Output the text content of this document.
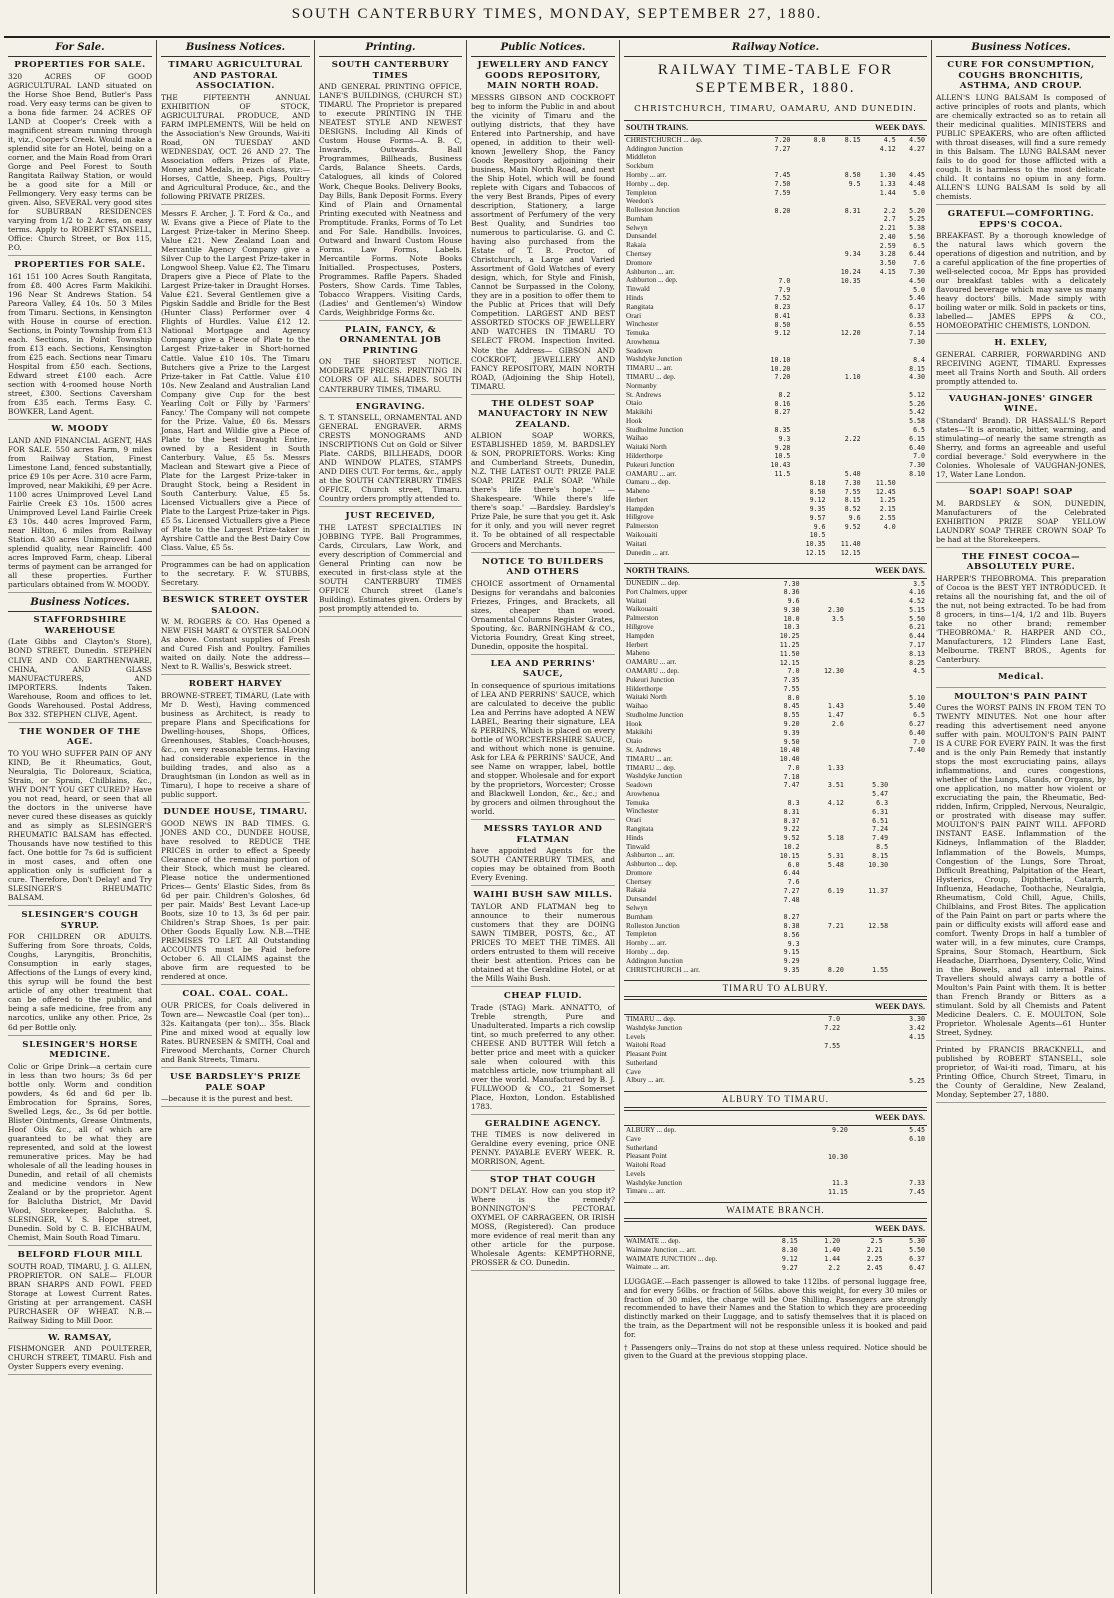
SOUTH CANTERBURY TIMES, MONDAY, SEPTEMBER 27, 1880.
For Sale.
PROPERTIES FOR SALE.
320 ACRES OF GOOD AGRICULTURAL LAND situated on the Horse Shoe Bend, Butler's Pass road. Very easy terms can be given to a bona fide farmer. 24 ACRES OF LAND at Cooper's Creek with a magnificent stream running through it, viz., Cooper's Creek. Would make a splendid site for an Hotel, being on a corner, and the Main Road from Orari Gorge and Peel Forest to South Rangitata Railway Station, or would be a good site for a Mill or Fellmongery. Very easy terms can be given. Also, SEVERAL very good sites for SUBURBAN RESIDENCES varying from 1/2 to 2 Acres, on easy terms. Apply to ROBERT STANSELL, Office: Church Street, or Box 115, P.O.
PROPERTIES FOR SALE.
161 151 100 Acres South Rangitata, from £8. 400 Acres Farm Makikihi. 196 Near St Andrews Station. 54 Pareora Valley, £4 10s. 50 3 Miles from Timaru. Sections, in Kensington with House in course of erection. Sections, in Pointy Township from £13 each. Sections, in Point Township from £13 each. Sections, Kensington from £25 each. Sections near Timaru Hospital from £50 each. Sections, Edward street £100 each. Acre section with 4-roomed house North street, £300. Sections Caversham from £35 each. Terms Easy. C. BOWKER, Land Agent.
W. MOODY
LAND AND FINANCIAL AGENT, HAS FOR SALE. 550 acres Farm, 9 miles from Railway Station, Finest Limestone Land, fenced substantially, price £9 10s per Acre. 310 acre Farm, Improved, near Makikihi, £9 per Acre. 1100 acres Unimproved Level Land Fairlie Creek £3 10s. 1500 acres Unimproved Level Land Fairlie Creek £3 10s. 440 acres Improved Farm, near Hilton, 6 miles from Railway Station. 430 acres Unimproved Land splendid quality, near Rainclifr. 400 acres Improved Farm, cheap. Liberal terms of payment can be arranged for all these properties. Further particulars obtained from W. MOODY.
Business Notices.
STAFFORDSHIRE WAREHOUSE
(Late Gibbs and Clayton's Store), BOND STREET, Dunedin. STEPHEN CLIVE AND CO. EARTHENWARE, CHINA, AND GLASS MANUFACTURERS, AND IMPORTERS. Indents Taken. Warehouse, Room and offices to let. Goods Warehoused. Postal Address, Box 332. STEPHEN CLIVE, Agent.
THE WONDER OF THE AGE.
TO YOU WHO SUFFER PAIN OF ANY KIND, Be it Rheumatics, Gout, Neuralgia, Tic Doloreaux, Sciatica, Strain, or Sprain, Chilblains, &c., WHY DON'T YOU GET CURED? Have you not read, heard, or seen that all the doctors in the universe have never cured these diseases as quickly and as simply as SLESINGER'S RHEUMATIC BALSAM has effected. Thousands have now testified to this fact. One bottle for 7s 6d is sufficient in most cases, and often one application only is sufficient for a cure. Therefore, Don't Delay! and Try SLESINGER'S RHEUMATIC BALSAM.
SLESINGER'S COUGH SYRUP.
FOR CHILDREN OR ADULTS. Suffering from Sore throats, Colds, Coughs, Laryngitis, Bronchitis, Consumption in early stages, Affections of the Lungs of every kind, this syrup will be found the best article of any other treatment that can be offered to the public, and being a safe medicine, free from any narcotics, unlike any other. Price, 2s 6d per Bottle only.
SLESINGER'S HORSE MEDICINE.
Colic or Gripe Drink—a certain cure in less than two hours; 3s 6d per bottle only. Worm and condition powders, 4s 6d and 6d per lb. Embrocation for Sprains, Sores, Swelled Legs, &c., 3s 6d per bottle. Blister Ointments, Grease Ointments, Hoof Oils &c., all of which are guaranteed to be what they are represented, and sold at the lowest remunerative prices. May be had wholesale of all the leading houses in Dunedin, and retail of all chemists and medicine vendors in New Zealand or by the proprietor. Agent for Balclutha District, Mr David Wood, Storekeeper, Balclutha. S. SLESINGER, V. S. Hope street, Dunedin. Sold by C. B. EICHBAUM, Chemist, Main South Road Timaru.
BELFORD FLOUR MILL
SOUTH ROAD, TIMARU, J. G. ALLEN, PROPRIETOR. ON SALE— FLOUR BRAN SHARPS AND FOWL FEED Storage at Lowest Current Rates. Gristing at per arrangement. CASH PURCHASER OF WHEAT. N.B.—Railway Siding to Mill Door.
W. RAMSAY,
FISHMONGER AND POULTERER, CHURCH STREET, TIMARU. Fish and Oyster Suppers every evening.
Business Notices.
TIMARU AGRICULTURAL AND PASTORAL ASSOCIATION.
THE FIFTEENTH ANNUAL EXHIBITION OF STOCK, AGRICULTURAL PRODUCE, AND FARM IMPLEMENTS, Will be held on the Association's New Grounds, Wai-iti Road, ON TUESDAY AND WEDNESDAY, OCT. 26 AND 27. The Association offers Prizes of Plate, Money and Medals, in each class, viz:— Horses, Cattle, Sheep, Pigs, Poultry and Agricultural Produce, &c., and the following PRIVATE PRIZES.
Messrs F. Archer, J. T. Ford & Co., and W. Evans give a Piece of Plate to the Largest Prize-taker in Merino Sheep. Value £21. New Zealand Loan and Mercantile Agency Company give a Silver Cup to the Largest Prize-taker in Longwool Sheep. Value £2. The Timaru Drapers give a Piece of Plate to the Largest Prize-taker in Draught Horses. Value £21. Several Gentlemen give a Pigskin Saddle and Bridle for the Best (Hunter Class) Performer over 4 Flights of Hurdles. Value £12 12. National Mortgage and Agency Company give a Piece of Plate to the Largest Prize-taker in Short-horned Cattle. Value £10 10s. The Timaru Butchers give a Prize to the Largest Prize-taker in Fat Cattle. Value £10 10s. New Zealand and Australian Land Company give Cup for the best Yearling Colt or Filly by 'Farmers' Fancy.' The Company will not compete for the Prize. Value, £0 6s. Messrs Jonas, Hart and Wildie give a Piece of Plate to the best Draught Entire, owned by a Resident in South Canterbury. Value, £5 5s. Messrs Maclean and Stewart give a Piece of Plate for the Largest Prize-taker in Draught Stock, being a Resident in South Canterbury. Value, £5 5s. Licensed Victuallers give a Piece of Plate to the Largest Prize-taker in Pigs. £5 5s. Licensed Victuallers give a Piece of Plate to the Largest Prize-taker in Ayrshire Cattle and the Best Dairy Cow Class. Value, £5 5s.
Programmes can be had on application to the secretary. F. W. STUBBS, Secretary.
BESWICK STREET OYSTER SALOON.
W. M. ROGERS & CO. Has Opened a NEW FISH MART & OYSTER SALOON As above. Constant supplies of Fresh and Cured Fish and Poultry. Families waited on daily. Note the address— Next to R. Wallis's, Beswick street.
ROBERT HARVEY
BROWNE-STREET, TIMARU, (Late with Mr D. West), Having commenced business as Architect, is ready to prepare Plans and Specifications for Dwelling-houses, Shops, Offices, Greenhouses, Stables, Coach-houses, &c., on very reasonable terms. Having had considerable experience in the building trades, and also as a Draughtsman (in London as well as in Timaru), I hope to receive a share of public support.
DUNDEE HOUSE, TIMARU.
GOOD NEWS IN BAD TIMES. G. JONES AND CO., DUNDEE HOUSE, have resolved to REDUCE THE PRICES in order to effect a Speedy Clearance of the remaining portion of their Stock, which must be cleared. Please notice the undermentioned Prices— Gents' Elastic Sides, from 8s 6d per pair. Children's Goloshes, 6d per pair. Maids' Best Levant Lace-up Boots, size 10 to 13, 3s 6d per pair. Children's Strap Shoes, 1s per pair. Other Goods Equally Low. N.B.—THE PREMISES TO LET. All Outstanding ACCOUNTS must be Paid before October 6. All CLAIMS against the above firm are requested to be rendered at once.
COAL. COAL. COAL.
OUR PRICES, for Coals delivered in Town are— Newcastle Coal (per ton)... 32s. Kaitangata (per ton)... 35s. Black Pine and mixed wood at equally low Rates. BURNESEN & SMITH, Coal and Firewood Merchants, Corner Church and Bank Streets, Timaru.
USE BARDSLEY'S PRIZE PALE SOAP
—because it is the purest and best.
Printing.
SOUTH CANTERBURY TIMES
AND GENERAL PRINTING OFFICE, LANE'S BUILDINGS, (CHURCH ST.) TIMARU. The Proprietor is prepared to execute PRINTING IN THE NEATEST STYLE AND NEWEST DESIGNS. Including All Kinds of Custom House Forms—A. B. C, Inwards, Outwards. Ball Programmes, Billheads, Business Cards, Balance Sheets. Cards, Catalogues, all kinds of Colored Work, Cheque Books. Delivery Books, Day Bills, Bank Deposit Forms. Every Kind of Plain and Ornamental Printing executed with Neatness and Promptitude. Franks, Forms of To Let and For Sale. Handbills. Invoices, Outward and Inward Custom House Forms. Law Forms, Labels. Mercantile Forms. Note Books Initialled. Prospectuses, Posters, Programmes. Raffle Papers. Shaded Posters, Show Cards. Time Tables, Tobacco Wrappers. Visiting Cards, (Ladies' and Gentlemen's) Window Cards, Weighbridge Forms &c.
PLAIN, FANCY, & ORNAMENTAL JOB PRINTING
ON THE SHORTEST NOTICE. MODERATE PRICES. PRINTING IN COLORS OF ALL SHADES. SOUTH CANTERBURY TIMES, TIMARU.
ENGRAVING.
S. T. STANSELL, ORNAMENTAL AND GENERAL ENGRAVER. ARMS CRESTS MONOGRAMS AND INSCRIPTIONS Cut on Gold or Silver Plate. CARDS, BILLHEADS, DOOR AND WINDOW PLATES, STAMPS AND DIES CUT. For terms, &c., apply at the SOUTH CANTERBURY TIMES OFFICE, Church street, Timaru. Country orders promptly attended to.
JUST RECEIVED,
THE LATEST SPECIALTIES IN JOBBING TYPE. Ball Programmes, Cards, Circulars, Law Work, and every description of Commercial and General Printing can now be executed in first-class style at the SOUTH CANTERBURY TIMES OFFICE Church street (Lane's Building). Estimates given. Orders by post promptly attended to.
Public Notices.
JEWELLERY AND FANCY GOODS REPOSITORY, MAIN NORTH ROAD.
MESSRS GIBSON AND COCKROFT beg to inform the Public in and about the vicinity of Timaru and the outlying districts, that they have Entered into Partnership, and have opened, in addition to their well-known Jewellery Shop, the Fancy Goods Repository adjoining their business, Main North Road, and next the Ship Hotel, which will be found replete with Cigars and Tobaccos of the very Best Brands, Pipes of every description, Stationery, a large assortment of Perfumery of the very Best Quality, and Sundries too numerous to particularise. G. and C. having also purchased from the Estate of T. B. Proctor, of Christchurch, a Large and Varied Assortment of Gold Watches of every design, which, for Style and Finish, Cannot be Surpassed in the Colony, they are in a position to offer them to the Public at Prices that will Defy Competition. LARGEST AND BEST ASSORTED STOCKS OF JEWELLERY AND WATCHES IN TIMARU TO SELECT FROM. Inspection Invited. Note the Address— GIBSON AND COCKROFT, JEWELLERY AND FANCY REPOSITORY, MAIN NORTH ROAD, (Adjoining the Ship Hotel), TIMARU.
THE OLDEST SOAP MANUFACTORY IN NEW ZEALAND.
ALBION SOAP WORKS, ESTABLISHED 1859, M. BARDSLEY & SON, PROPRIETORS. Works: King and Cumberland Streets, Dunedin, N.Z. THE LATEST OUT! PRIZE PALE SOAP. PRIZE PALE SOAP. 'While there's life there's hope.' —Shakespeare. 'While there's life there's soap.' —Bardsley. Bardsley's Prize Pale, be sure that you get it. Ask for it only, and you will never regret it. To be obtained of all respectable Grocers and Merchants.
NOTICE TO BUILDERS AND OTHERS
CHOICE assortment of Ornamental Designs for verandahs and balconies Friezes, Fringes, and Brackets, all sizes, cheaper than wood. Ornamental Columns Register Grates, Spouting, &c. BARNINGHAM & CO., Victoria Foundry, Great King street, Dunedin, opposite the hospital.
LEA AND PERRINS' SAUCE,
In consequence of spurious imitations of LEA AND PERRINS' SAUCE, which are calculated to deceive the public Lea and Perrins have adopted A NEW LABEL, Bearing their signature, LEA & PERRINS, Which is placed on every bottle of WORCESTERSHIRE SAUCE, and without which none is genuine. Ask for LEA & PERRINS' SAUCE, And see Name on wrapper, label, bottle and stopper. Wholesale and for export by the proprietors, Worcester; Crosse and Blackwell London, &c., &c.; and by grocers and oilmen throughout the world.
MESSRS TAYLOR AND FLATMAN
have appointed Agents for the SOUTH CANTERBURY TIMES, and copies may be obtained from Booth Every Evening.
WAIHI BUSH SAW MILLS.
TAYLOR AND FLATMAN beg to announce to their numerous customers that they are DOING SAWN TIMBER, POSTS, &c., AT PRICES TO MEET THE TIMES. All orders entrusted to them will receive their best attention. Prices can be obtained at the Geraldine Hotel, or at the Mills Waihi Bush.
CHEAP FLUID.
Trade (STAG) Mark. ANNATTO, of Treble strength, Pure and Unadulterated. Imparts a rich cowslip tint, so much preferred to any other. CHEESE AND BUTTER Will fetch a better price and meet with a quicker sale when coloured with this matchless article, now triumphant all over the world. Manufactured by B. J. FULLWOOD & CO., 21 Somerset Place, Hoxton, London. Established 1783.
GERALDINE AGENCY.
THE TIMES is now delivered in Geraldine every evening, price ONE PENNY. PAYABLE EVERY WEEK. R. MORRISON, Agent.
STOP THAT COUGH
DON'T DELAY. How can you stop it? Where is the remedy? BONNINGTON'S PECTORAL OXYMEL OF CARRAGEEN, OR IRISH MOSS, (Registered). Can produce more evidence of real merit than any other article for the purpose. Wholesale Agents: KEMPTHORNE, PROSSER & CO. Dunedin.
Railway Notice.
RAILWAY TIME-TABLE FOR SEPTEMBER, 1880.
CHRISTCHURCH, TIMARU, OAMARU, AND DUNEDIN.
SOUTH TRAINS.	WEEK DAYS.				
CHRISTCHURCH ... dep.	7.20	8.0	8.15	4.5	4.50
Addington Junction	7.27			4.12	4.27
Middleton					
Sockburn					
Hornby ... arr.	7.45		8.50	1.30	4.45
Hornby ... dep.	7.50		9.5	1.33	4.48
Templeton	7.59			1.44	5.0
Weedon's					
Rolleston Junction	8.20		8.31	2.2	5.20
Burnham				2.7	5.25
Selwyn				2.21	5.38
Dunsandel				2.40	5.56
Rakaia				2.59	6.5
Chertsey			9.34	3.28	6.44
Dromore				3.50	7.6
Ashburton ... arr.			10.24	4.15	7.30
Ashburton ... dep.	7.0		10.35		4.50
Tinwald	7.9				5.0
Hinds	7.52				5.46
Rangitata	8.23				6.17
Orari	8.41				6.33
Winchester	8.50				6.55
Temuka	9.12		12.20		7.14
Arowhenua					7.30
Seadown					
Washdyke Junction	10.10				8.4
TIMARU ... arr.	10.20				8.15
TIMARU ... dep.	7.20		1.10		4.30
Normanby					
St. Andrews	8.2				5.12
Otaio	8.16				5.26
Makikihi	8.27				5.42
Hook					5.58
Studholme Junction	8.35				6.5
Waihao	9.3		2.22		6.15
Waitaki North	9.28				6.40
Hilderthorpe	10.5				7.0
Pukeuri Junction	10.43				7.30
OAMARU ... arr.	11.5		5.40		8.10
Oamaru ... dep.		8.18	7.30	11.50	
Maheno		8.50	7.55	12.45	
Herbert		9.12	8.15	1.25	
Hampden		9.35	8.52	2.15	
Hillgrove		9.57	9.6	2.55	
Palmerston		9.6	9.52	4.0	
Waikouaiti		10.5			
Waitati		10.35	11.40		
Dunedin ... arr.		12.15	12.15		
NORTH TRAINS.	WEEK DAYS.			
DUNEDIN ... dep.	7.30			3.5
Port Chalmers, upper	8.36			4.16
Waitati	9.6			4.52
Waikouaiti	9.30	2.30		5.15
Palmerston	10.0	3.5		5.50
Hillgrove	10.3			6.21
Hampden	10.25			6.44
Herbert	11.25			7.17
Maheno	11.50			8.13
OAMARU ... arr.	12.15			8.25
OAMARU ... dep.	7.0	12.30		4.5
Pukeuri Junction	7.35			
Hilderthorpe	7.55			
Waitaki North	8.0			5.10
Waihao	8.45	1.43		5.40
Studholme Junction	8.55	1.47		6.5
Hook	9.20	2.6		6.27
Makikihi	9.39			6.40
Otaio	9.50			7.0
St. Andrews	10.40			7.40
TIMARU ... arr.	10.40			
TIMARU ... dep.	7.0	1.33		
Washdyke Junction	7.18			
Seadown	7.47	3.51	5.30	
Arowhenua			5.47	
Temuka	8.3	4.12	6.3	
Winchester	8.31		6.31	
Orari	8.37		6.51	
Rangitata	9.22		7.24	
Hinds	9.52	5.18	7.49	
Tinwald	10.2		8.5	
Ashburton ... arr.	10.15	5.31	8.15	
Ashburton ... dep.	6.0	5.48	10.30	
Dromore	6.44			
Chertsey	7.6			
Rakaia	7.27	6.19	11.37	
Dunsandel	7.48			
Selwyn				
Burnham	8.27			
Rolleston Junction	8.38	7.21	12.58	
Templeton	8.56			
Hornby ... arr.	9.3			
Hornby ... dep.	9.15			
Addington Junction	9.29			
CHRISTCHURCH ... arr.	9.35	8.20	1.55	
TIMARU TO ALBURY.
	WEEK DAYS.	
TIMARU ... dep.	7.0	3.30
Washdyke Junction	7.22	3.42
Levels		4.15
Waitohi Road	7.55	
Pleasant Point		
Sutherland		
Cave		
Albury ... arr.		5.25
ALBURY TO TIMARU.
	WEEK DAYS.	
ALBURY ... dep.	9.20	5.45
Cave		6.10
Sutherland		
Pleasant Point	10.30	
Waitohi Road		
Levels		
Washdyke Junction	11.3	7.33
Timaru ... arr.	11.15	7.45
WAIMATE BRANCH.
	WEEK DAYS.			
WAIMATE ... dep.	8.15	1.20	2.5	5.30
Waimate Junction ... arr.	8.30	1.40	2.21	5.50
WAIMATE JUNCTION ... dep.	9.12	1.44	2.25	6.37
Waimate ... arr.	9.27	2.2	2.45	6.47
LUGGAGE.—Each passenger is allowed to take 112lbs. of personal luggage free, and for every 56lbs. or fraction of 56lbs. above this weight, for every 30 miles or fraction of 30 miles, the charge will be One Shilling. Passengers are strongly recommended to have their Names and the Station to which they are proceeding distinctly marked on their Luggage, and to satisfy themselves that it is placed on the train, as the Department will not be responsible unless it is booked and paid for.
† Passengers only—Trains do not stop at these unless required. Notice should be given to the Guard at the previous stopping place.
Business Notices.
CURE FOR CONSUMPTION, COUGHS BRONCHITIS, ASTHMA, AND CROUP.
ALLEN'S LUNG BALSAM Is composed of active principles of roots and plants, which are chemically extracted so as to retain all their medicinal qualities. MINISTERS and PUBLIC SPEAKERS, who are often afflicted with throat diseases, will find a sure remedy in this Balsam. The LUNG BALSAM never fails to do good for those afflicted with a cough. It is harmless to the most delicate child. It contains no opium in any form. ALLEN'S LUNG BALSAM Is sold by all chemists.
GRATEFUL—COMFORTING. EPPS'S COCOA.
BREAKFAST. By a thorough knowledge of the natural laws which govern the operations of digestion and nutrition, and by a careful application of the fine properties of well-selected cocoa, Mr Epps has provided our breakfast tables with a delicately flavoured beverage which may save us many heavy doctors' bills. Made simply with boiling water or milk. Sold in packets or tins, labelled— JAMES EPPS & CO., HOMOEOPATHIC CHEMISTS, LONDON.
H. EXLEY,
GENERAL CARRIER, FORWARDING AND RECEIVING AGENT, TIMARU. Expresses meet all Trains North and South. All orders promptly attended to.
VAUGHAN-JONES' GINGER WINE.
('Standard' Brand). DR HASSALL'S Report states—'It is aromatic, bitter, warming, and stimulating—of nearly the same strength as Sherry, and forms an agreeable and useful cordial beverage.' Sold everywhere in the Colonies. Wholesale of VAUGHAN-JONES, 17, Water Lane London.
SOAP! SOAP! SOAP
M. BARDSLEY & SON, DUNEDIN, Manufacturers of the Celebrated EXHIBITION PRIZE SOAP YELLOW LAUNDRY SOAP THREE CROWN SOAP To be had at the Storekeepers.
THE FINEST COCOA—ABSOLUTELY PURE.
HARPER'S THEOBROMA. This preparation of Cocoa is the BEST YET INTRODUCED. It retains all the nourishing fat, and the oil of the nut, not being extracted. To be had from 8 grocers, in tins—1/4, 1/2 and 1lb. Buyers take no other brand; remember 'THEOBROMA.' R. HARPER AND CO., Manufacturers, 12 Flinders Lane East, Melbourne. TRENT BROS., Agents for Canterbury.
Medical.
MOULTON'S PAIN PAINT
Cures the WORST PAINS IN FROM TEN TO TWENTY MINUTES. Not one hour after reading this advertisement need anyone suffer with pain. MOULTON'S PAIN PAINT IS A CURE FOR EVERY PAIN. It was the first and is the only Pain Remedy that instantly stops the most excruciating pains, allays inflammations, and cures congestions, whether of the Lungs, Glands, or Organs, by one application, no matter how violent or excruciating the pain, the Rheumatic, Bed-ridden, Infirm, Crippled, Nervous, Neuralgic, or prostrated with disease may suffer. MOULTON'S PAIN PAINT WILL AFFORD INSTANT EASE. Inflammation of the Kidneys, Inflammation of the Bladder, Inflammation of the Bowels, Mumps, Congestion of the Lungs, Sore Throat, Difficult Breathing, Palpitation of the Heart, Hysterics, Croup, Diphtheria, Catarrh, Influenza, Headache, Toothache, Neuralgia, Rheumatism, Cold Chill, Ague, Chills, Chilblains, and Frost Bites. The application of the Pain Paint on part or parts where the pain or difficulty exists will afford ease and comfort. Twenty Drops in half a tumbler of water will, in a few minutes, cure Cramps, Sprains, Sour Stomach, Heartburn, Sick Headache, Diarrhoea, Dysentery, Colic, Wind in the Bowels, and all internal Pains. Travellers should always carry a bottle of Moulton's Pain Paint with them. It is better than French Brandy or Bitters as a stimulant. Sold by all Chemists and Patent Medicine Dealers. C. E. MOULTON, Sole Proprietor. Wholesale Agents—61 Hunter Street, Sydney.
Printed by FRANCIS BRACKNELL, and published by ROBERT STANSELL, sole proprietor, of Wai-iti road, Timaru, at his Printing Office, Church Street, Timaru, in the County of Geraldine, New Zealand, Monday, September 27, 1880.
